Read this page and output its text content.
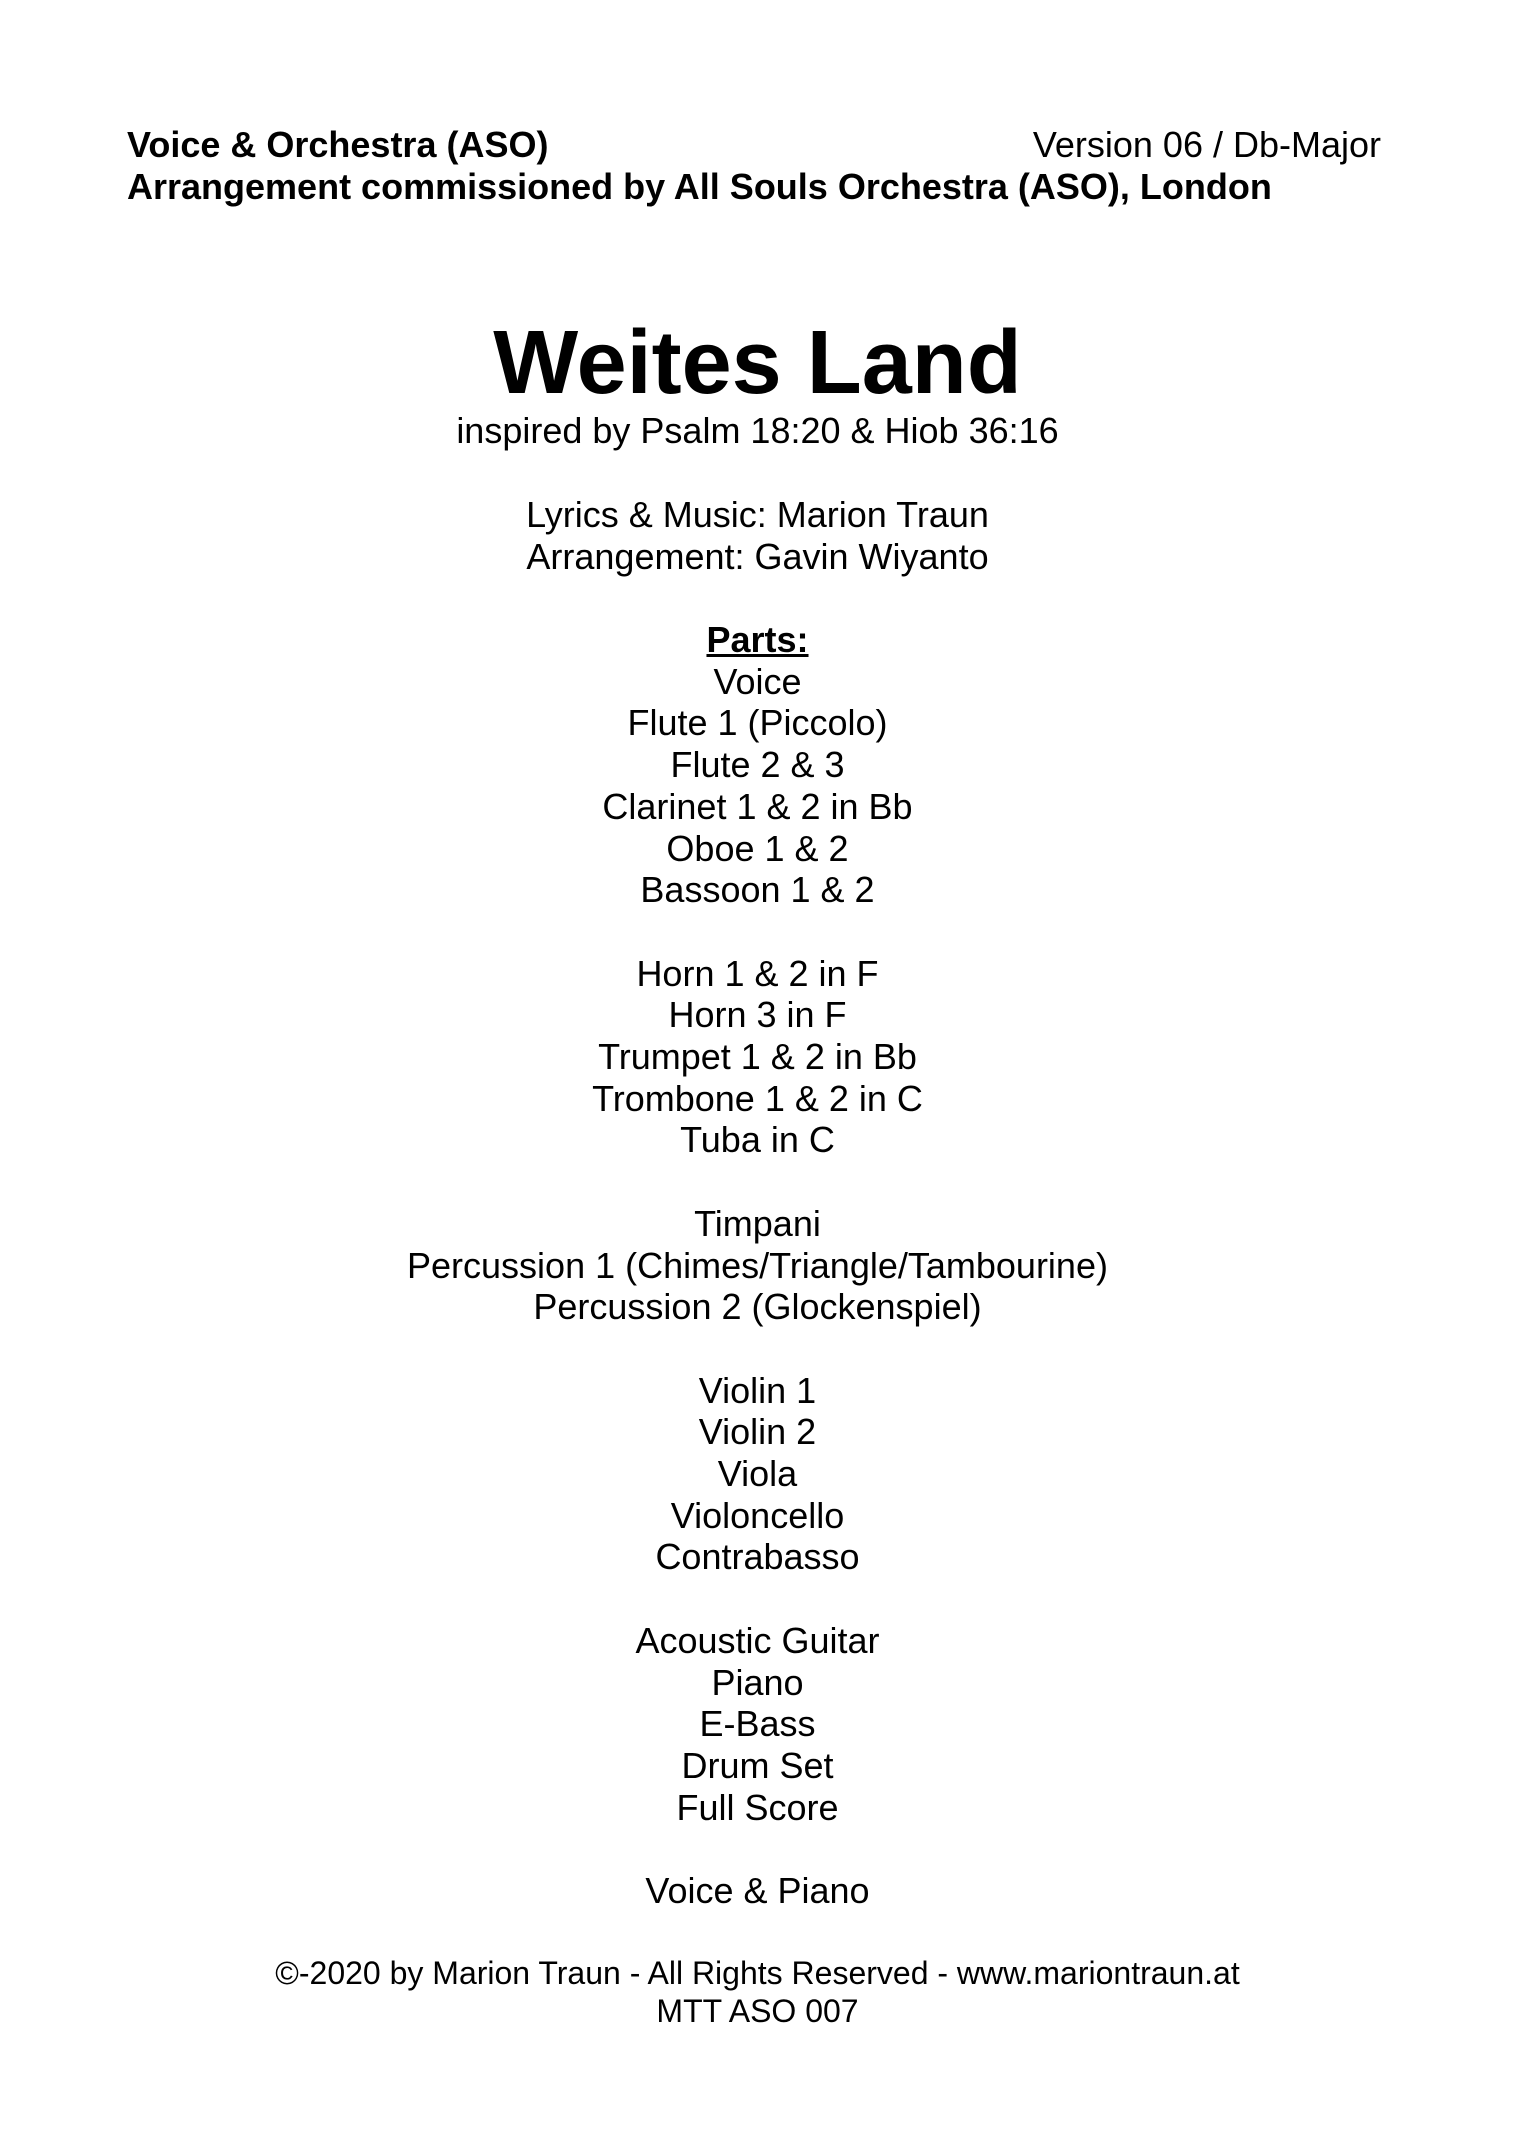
Voice & Orchestra (ASO)	Version 06 / Db-Major
Arrangement commissioned by All Souls Orchestra (ASO), London
Weites Land
inspired by Psalm 18:20 & Hiob 36:16
Lyrics & Music: Marion Traun
Arrangement: Gavin Wiyanto
Parts:
Voice
Flute 1 (Piccolo)
Flute 2 & 3
Clarinet 1 & 2 in Bb
Oboe 1 & 2
Bassoon 1 & 2
Horn 1 & 2 in F
Horn 3 in F
Trumpet 1 & 2 in Bb
Trombone 1 & 2 in C
Tuba in C
Timpani
Percussion 1 (Chimes/Triangle/Tambourine)
Percussion 2 (Glockenspiel)
Violin 1
Violin 2
Viola
Violoncello
Contrabasso
Acoustic Guitar
Piano
E-Bass
Drum Set
Full Score
Voice & Piano
©-2020 by Marion Traun - All Rights Reserved - www.mariontraun.at
MTT ASO 007
